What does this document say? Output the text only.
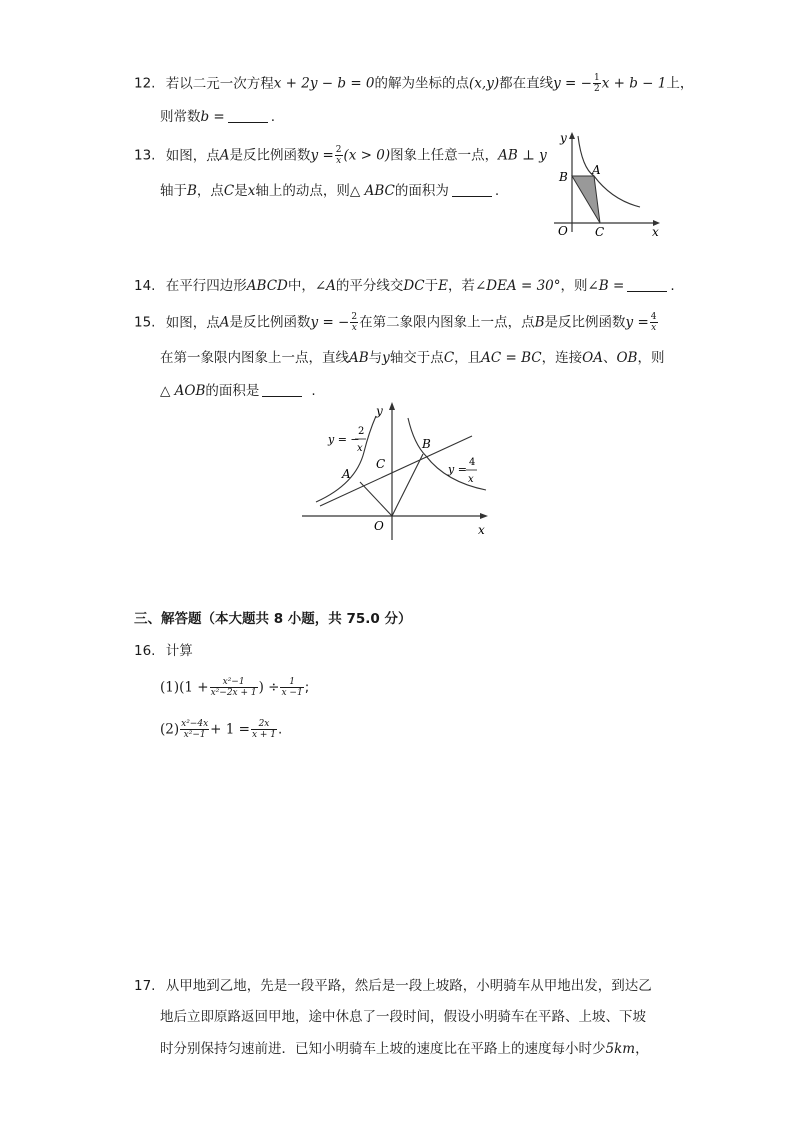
12. 若以二元一次方程x + 2y − b = 0的解为坐标的点(x,y)都在直线y = − $\frac{1}{2}$ x + b − 1上，
则常数b =	.
13. 如图，点A是反比例函数$y = \frac{2}{x} (x > 0)$图象上任意一点，AB ⊥ y
轴于B，点C是x轴上的动点，则△ ABC的面积为	.
y
x
O
A
B
C
14. 在平行四边形ABCD中，∠A的平分线交DC于E，若∠DEA = 30°，则∠B =	.
15. 如图，点A是反比例函数y = − $\frac{2}{x}$ 在第二象限内图象上一点，点B是反比例函数$y = \frac{4}{x}$
在第一象限内图象上一点，直线AB与y轴交于点C，且AC = BC，连接OA、OB，则
△ AOB的面积是	.
y
x
O
A
B
C
y = −
2
x
y =
4
x
三、解答题（本大题共 8 小题，共 75.0 分）
16. 计算
$(1)(1 + \frac{\text{x²−1}}{\text{x²−2x + 1}}$ ) ÷ $\frac{1}{x -1}$ ;
$(2) \frac{\text{x²−4x}}{\text{x²−1}} + 1 = \frac{2x}{x + 1}$ .
17. 从甲地到乙地，先是一段平路，然后是一段上坡路，小明骑车从甲地出发，到达乙
地后立即原路返回甲地，途中休息了一段时间，假设小明骑车在平路、上坡、下坡
时分别保持匀速前进．已知小明骑车上坡的速度比在平路上的速度每小时少5km，
